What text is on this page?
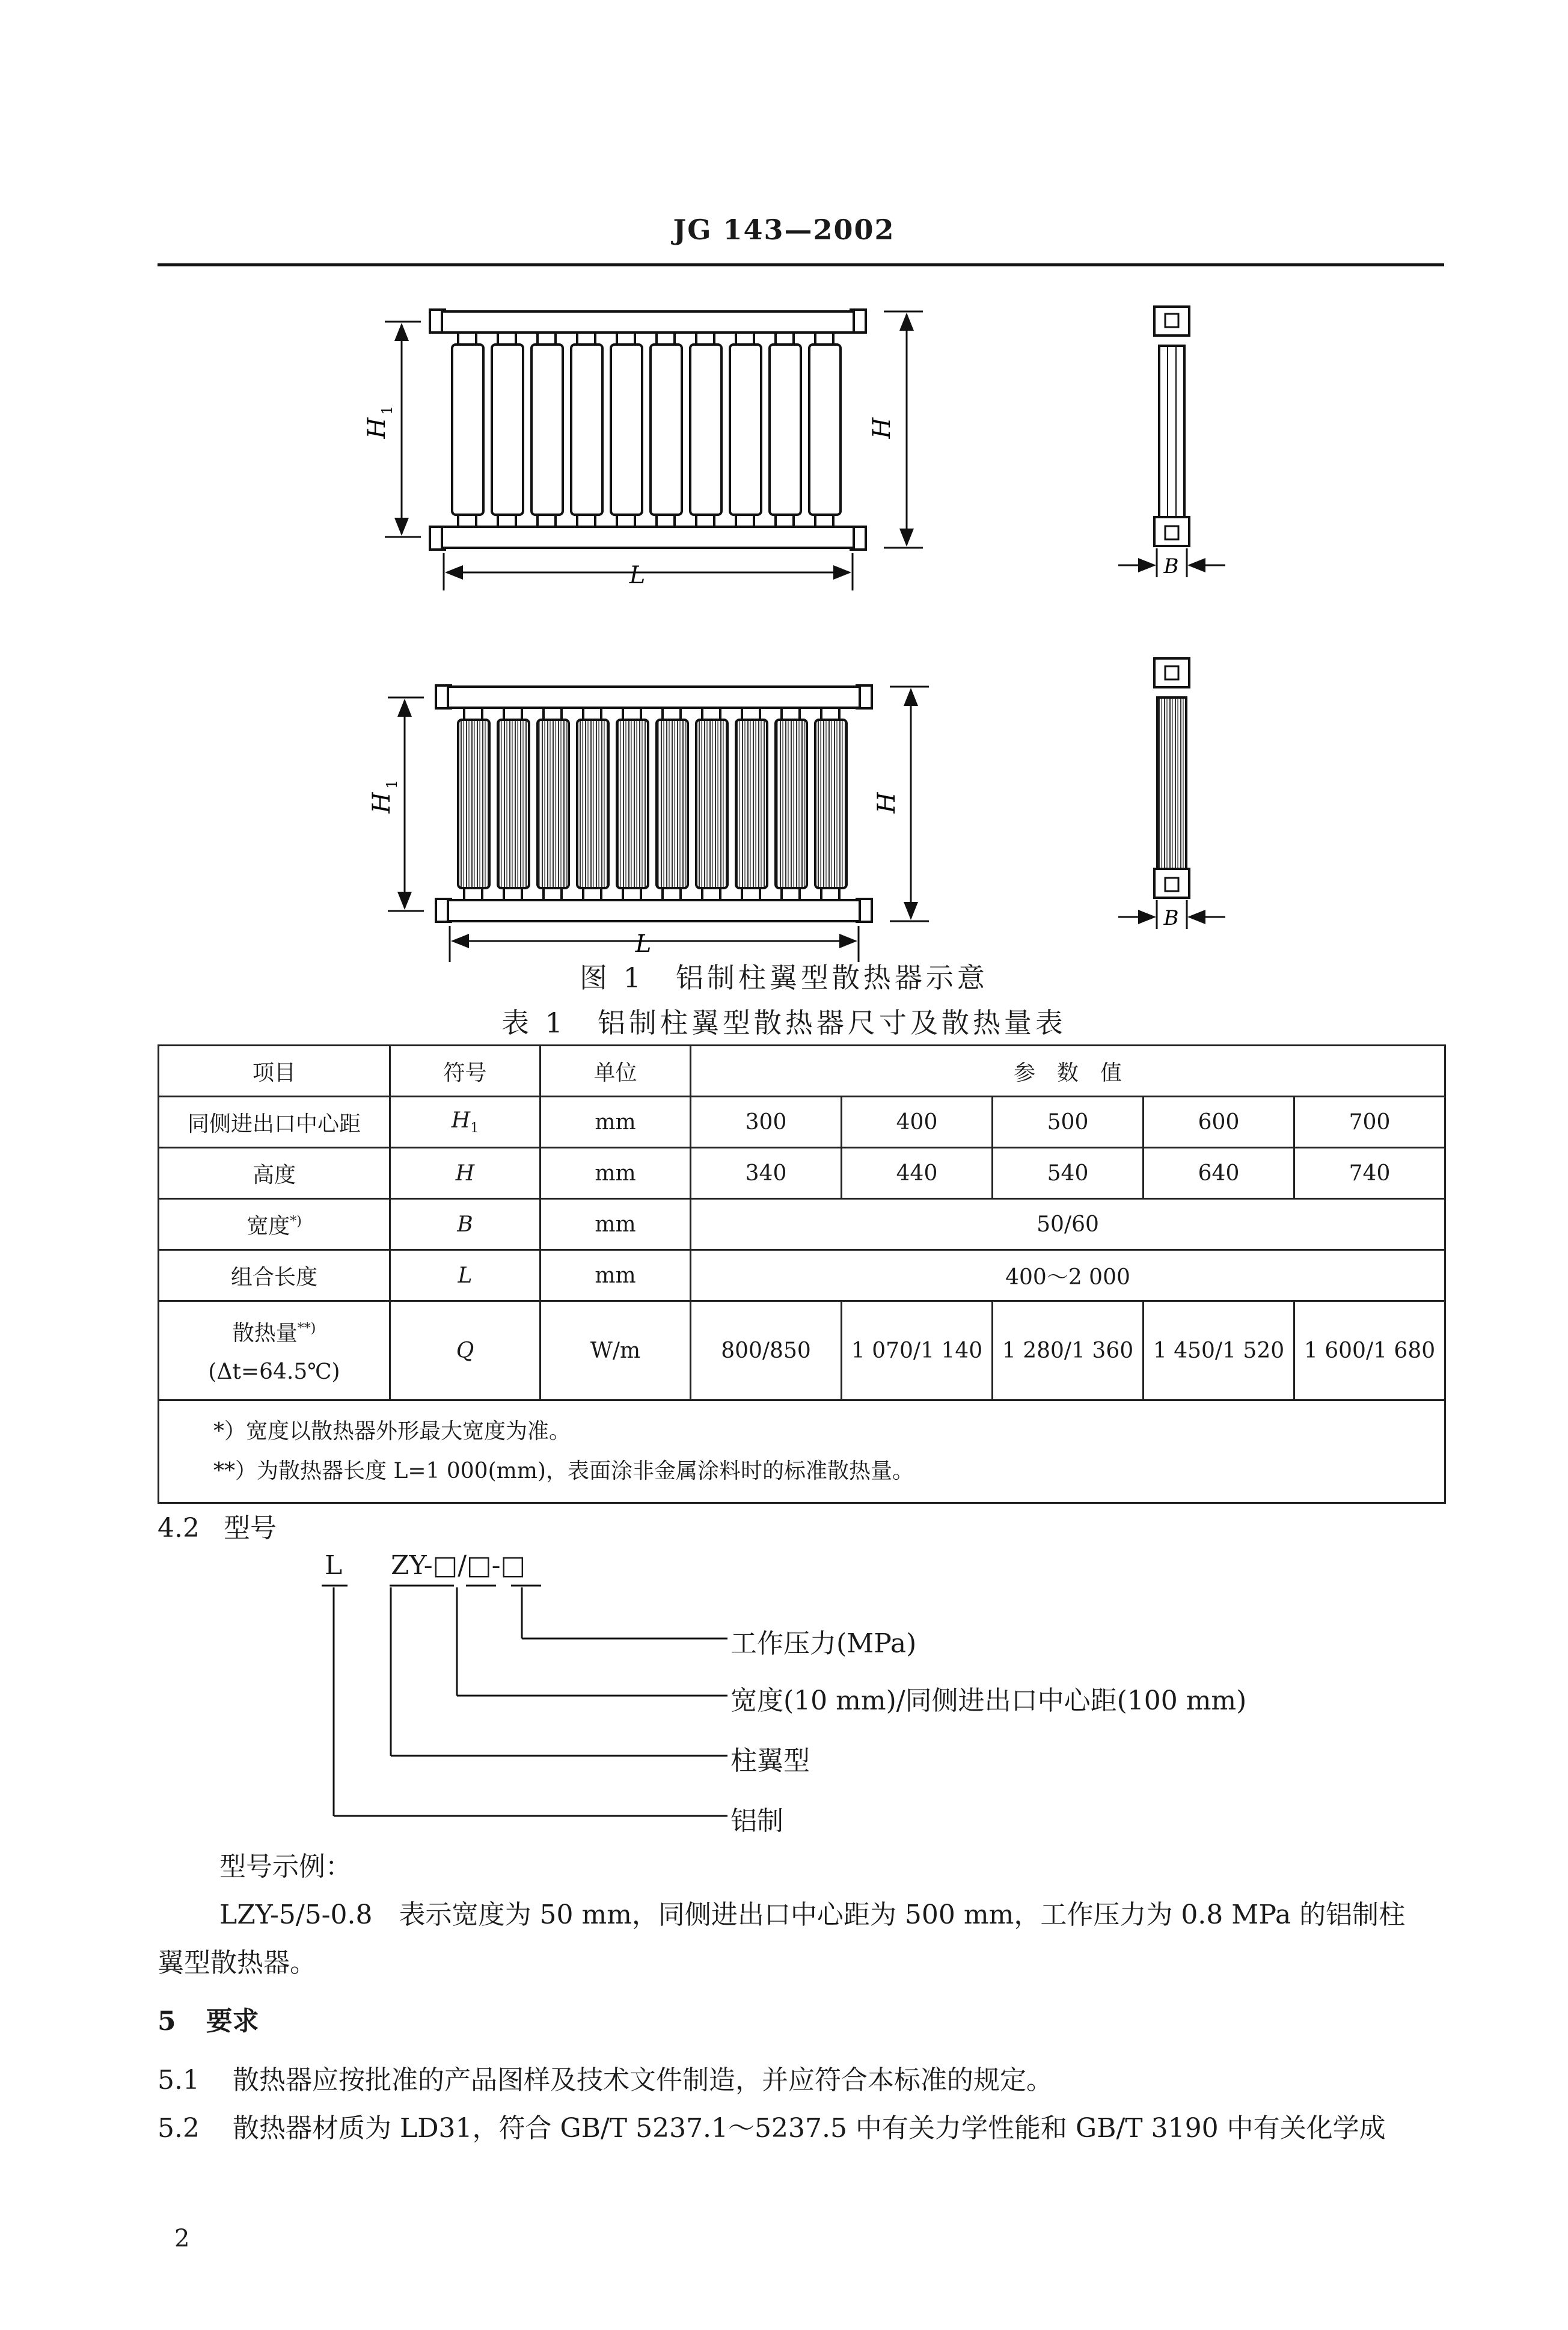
JG 143—2002
H
1
H
L	B
H
1
H
L
B
图 1　铝制柱翼型散热器示意
表 1　铝制柱翼型散热器尺寸及散热量表
项目	符号	单位	参　数　值				
同侧进出口中心距	$H_1$	mm	300	400	500	600	700
高度	H	mm	340	440	540	640	740
宽度*)	B	mm	50/60				
组合长度	L	mm	400～2 000				
散热量**)
(Δt=64.5℃)	Q	W/m	800/850	1 070/1 140	1 280/1 360	1 450/1 520	1 600/1 680

*）宽度以散热器外形最大宽度为准。
**）为散热器长度 L=1 000(mm)，表面涂非金属涂料时的标准散热量。							
4.2 型号
L ZY-□/□-□
工作压力(MPa)
宽度(10 mm)/同侧进出口中心距(100 mm)
柱翼型
铝制
型号示例：
LZY-5/5-0.8　表示宽度为 50 mm，同侧进出口中心距为 500 mm，工作压力为 0.8 MPa 的铝制柱
翼型散热器。
5 要求
5.1 散热器应按批准的产品图样及技术文件制造，并应符合本标准的规定。
5.2 散热器材质为 LD31，符合 GB/T 5237.1～5237.5 中有关力学性能和 GB/T 3190 中有关化学成
2
